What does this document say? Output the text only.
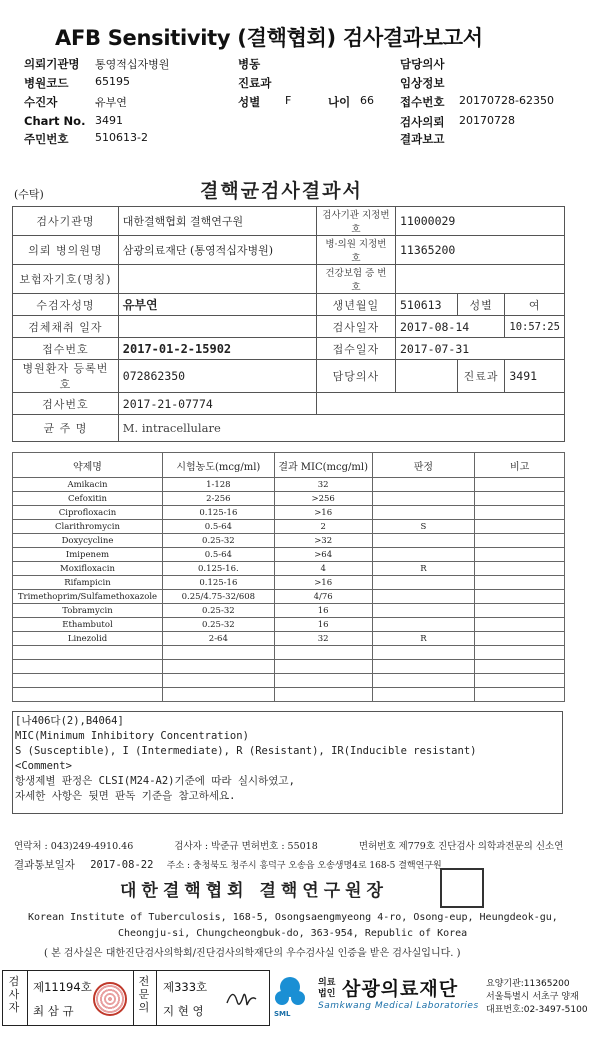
AFB Sensitivity (결핵협회) 검사결과보고서
의뢰기관명 통영적십자병원	병동	담당의사
병원코드 65195	진료과	임상정보
수진자	유부연	성별 F	나이 66 접수번호 20170728-62350
Chart No. 3491	검사의뢰 20170728
주민번호 510613-2	결과보고
(수탁)	결핵균검사결과서
검사기관명	대한결핵협회 결핵연구원	검사기관 지정번호	11000029		
의뢰 병의원명	삼광의료재단 (통영적십자병원)	병·의원 지정번호	11365200		
보험자기호(명칭)		건강보험 증 번 호			
수검자성명	유부연	생년월일	510613	성별	여
검체채취 일자		검사일자	2017-08-14		10:57:25
접수번호	2017-01-2-15902	접수일자	2017-07-31		
병원환자 등록번호	072862350	담당의사		진료과	3491
검사번호	2017-21-07774				
균 주 명	M. intracellulare				
약제명	시험농도(mcg/ml)	결과 MIC(mcg/ml)	판정	비고
Amikacin	1-128	32		
Cefoxitin	2-256	>256		
Ciprofloxacin	0.125-16	>16		
Clarithromycin	0.5-64	2	S	
Doxycycline	0.25-32	>32		
Imipenem	0.5-64	>64		
Moxifloxacin	0.125-16.	4	R	
Rifampicin	0.125-16	>16		
Trimethoprim/Sulfamethoxazole	0.25/4.75-32/608	4/76		
Tobramycin	0.25-32	16		
Ethambutol	0.25-32	16		
Linezolid	2-64	32	R	

[나406다(2),B4064]
MIC(Minimum Inhibitory Concentration)
S (Susceptible), I (Intermediate), R (Resistant), IR(Inducible resistant)
<Comment>
항생제별 판정은 CLSI(M24-A2)기준에 따라 실시하였고,
자세한 사항은 뒷면 판독 기준을 참고하세요.
연락처 : 043)249-4910.46	검사자 : 박준규 면허번호 : 55018	면허번호 제779호 진단검사 의학과전문의 신소연
결과통보일자 2017-08-22 주소 : 충청북도 청주시 흥덕구 오송읍 오송생명4로 168-5 결핵연구원
대한결핵협회 결핵연구원장
Korean Institute of Tuberculosis, 168-5, Osongsaengmyeong 4-ro, Osong-eup, Heungdeok-gu,
Cheongju-si, Chungcheongbuk-do, 363-954, Republic of Korea
( 본 검사실은 대한진단검사의학회/진단검사의학재단의 우수검사실 인증을 받은 검사실입니다. )
검사자
제11194호
최 삼 규
전문의
제333호
지 현 영	SML
의료법인 삼광의료재단
Samkwang Medical Laboratories
요양기관:11365200
서울특별시 서초구 양재
대표번호:02-3497-5100
